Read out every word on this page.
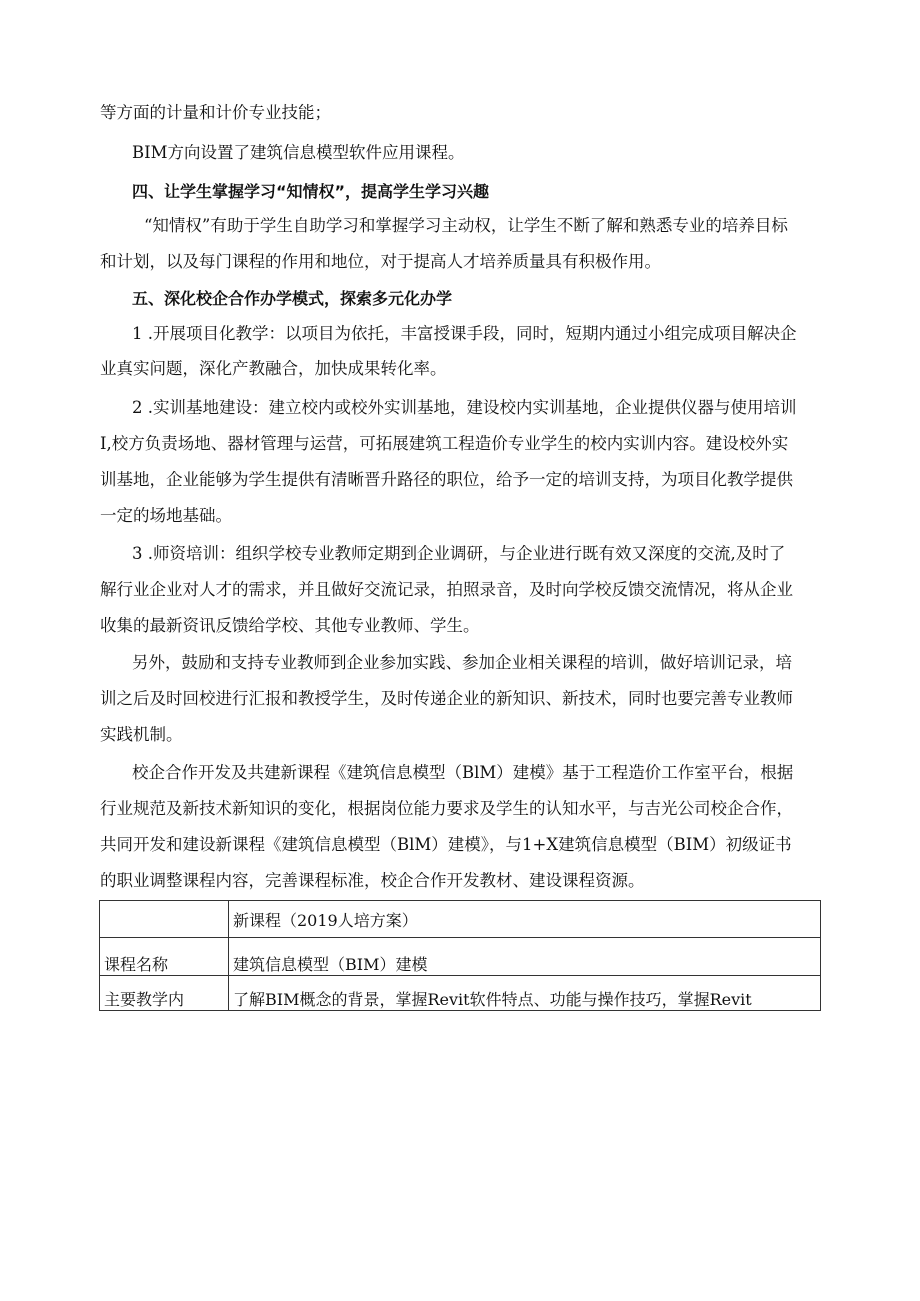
等方面的计量和计价专业技能；
BIM方向设置了建筑信息模型软件应用课程。
四、让学生掌握学习“知情权”，提高学生学习兴趣
“知情权”有助于学生自助学习和掌握学习主动权，让学生不断了解和熟悉专业的培养目标
和计划，以及每门课程的作用和地位，对于提高人才培养质量具有积极作用。
五、深化校企合作办学模式，探索多元化办学
1 .开展项目化教学：以项目为依托，丰富授课手段，同时，短期内通过小组完成项目解决企
业真实问题，深化产教融合，加快成果转化率。
2 .实训基地建设：建立校内或校外实训基地，建设校内实训基地，企业提供仪器与使用培训
I,校方负责场地、器材管理与运营，可拓展建筑工程造价专业学生的校内实训内容。建设校外实
训基地，企业能够为学生提供有清晰晋升路径的职位，给予一定的培训支持，为项目化教学提供
一定的场地基础。
3 .师资培训：组织学校专业教师定期到企业调研，与企业进行既有效又深度的交流,及时了
解行业企业对人才的需求，并且做好交流记录，拍照录音，及时向学校反馈交流情况，将从企业
收集的最新资讯反馈给学校、其他专业教师、学生。
另外，鼓励和支持专业教师到企业参加实践、参加企业相关课程的培训，做好培训记录，培
训之后及时回校进行汇报和教授学生，及时传递企业的新知识、新技术，同时也要完善专业教师
实践机制。
校企合作开发及共建新课程《建筑信息模型（BlM）建模》基于工程造价工作室平台，根据
行业规范及新技术新知识的变化，根据岗位能力要求及学生的认知水平，与吉光公司校企合作，
共同开发和建设新课程《建筑信息模型（BlM）建模》，与1+X建筑信息模型（BIM）初级证书
的职业调整课程内容，完善课程标准，校企合作开发教材、建设课程资源。
	新课程（2019人培方案）
课程名称	建筑信息模型（BIM）建模
主要教学内	了解BIM概念的背景，掌握Revit软件特点、功能与操作技巧，掌握Revit
